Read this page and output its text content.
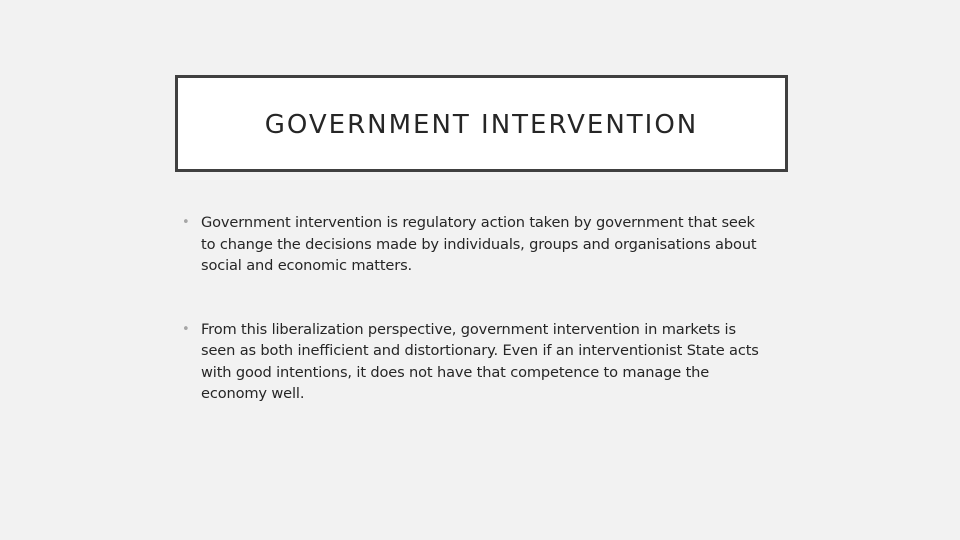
GOVERNMENT INTERVENTION
• Government intervention is regulatory action taken by government that seek to change the decisions made by individuals, groups and organisations about social and economic matters.
• From this liberalization perspective, government intervention in markets is seen as both inefficient and distortionary. Even if an interventionist State acts with good intentions, it does not have that competence to manage the economy well.
